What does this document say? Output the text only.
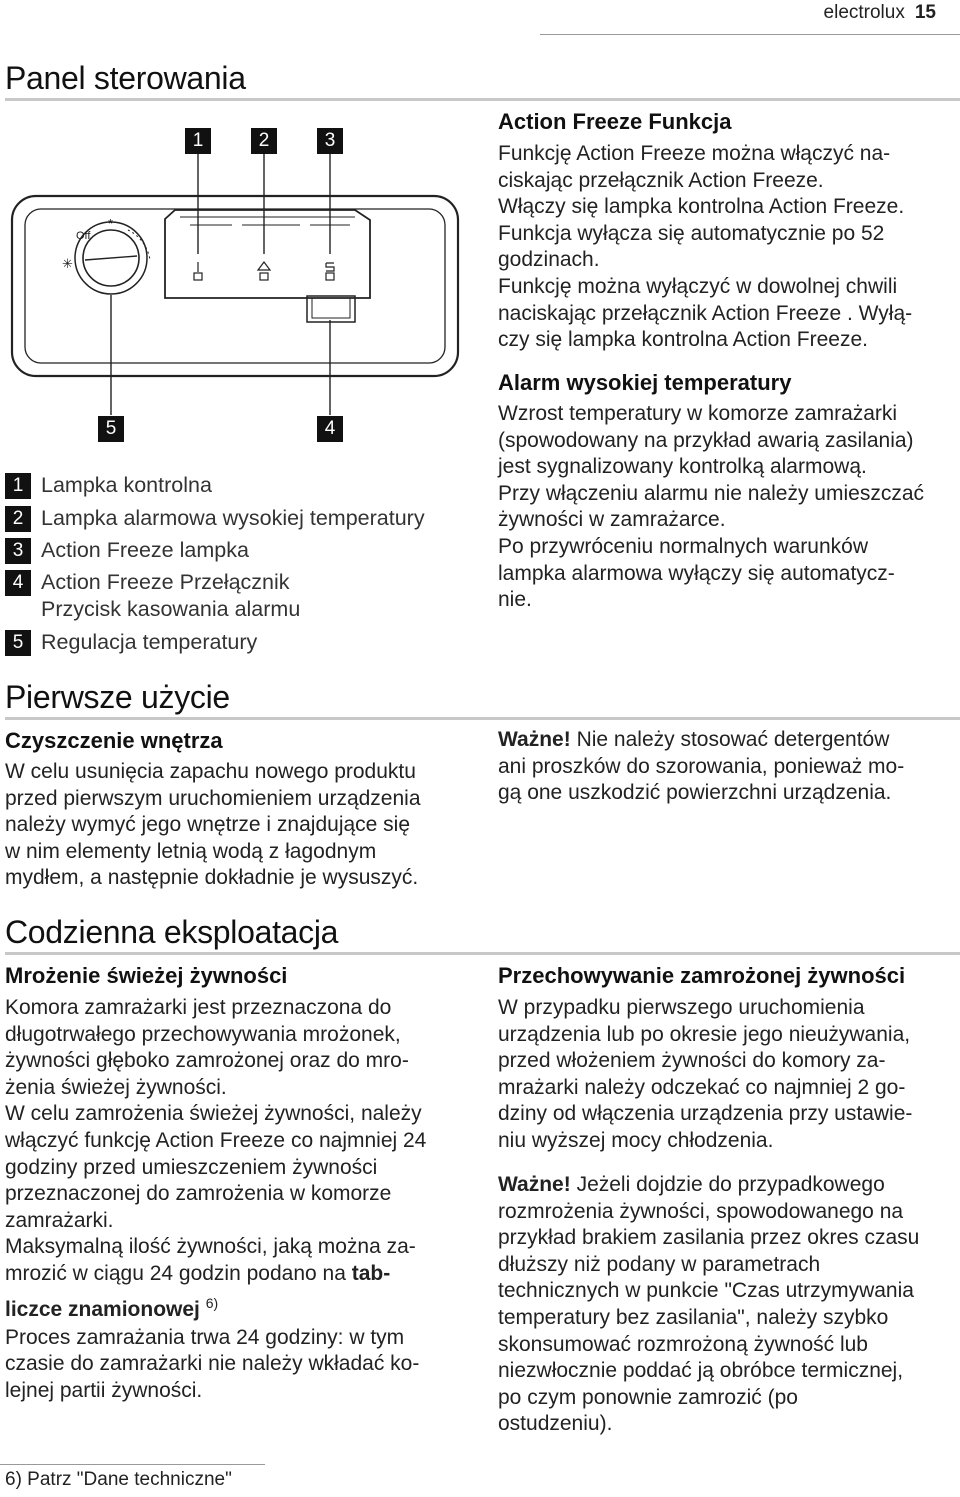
electrolux 15
Panel sterowania
Off
*
✳
1	2	3
4
5
1 Lampka kontrolna
2 Lampka alarmowa wysokiej temperatury
3 Action Freeze lampka
4 Action Freeze Przełącznik
Przycisk kasowania alarmu
5 Regulacja temperatury
Action Freeze Funkcja
Funkcję Action Freeze można włączyć na-
ciskając przełącznik Action Freeze.
Włączy się lampka kontrolna Action Freeze.
Funkcja wyłącza się automatycznie po 52
godzinach.
Funkcję można wyłączyć w dowolnej chwili
naciskając przełącznik Action Freeze . Wyłą-
czy się lampka kontrolna Action Freeze.
Alarm wysokiej temperatury
Wzrost temperatury w komorze zamrażarki
(spowodowany na przykład awarią zasilania)
jest sygnalizowany kontrolką alarmową.
Przy włączeniu alarmu nie należy umieszczać
żywności w zamrażarce.
Po przywróceniu normalnych warunków
lampka alarmowa wyłączy się automatycz-
nie.
Pierwsze użycie
Czyszczenie wnętrza
W celu usunięcia zapachu nowego produktu
przed pierwszym uruchomieniem urządzenia
należy wymyć jego wnętrze i znajdujące się
w nim elementy letnią wodą z łagodnym
mydłem, a następnie dokładnie je wysuszyć.
Ważne! Nie należy stosować detergentów
ani proszków do szorowania, ponieważ mo-
gą one uszkodzić powierzchni urządzenia.
Codzienna eksploatacja
Mrożenie świeżej żywności
Komora zamrażarki jest przeznaczona do
długotrwałego przechowywania mrożonek,
żywności głęboko zamrożonej oraz do mro-
żenia świeżej żywności.
W celu zamrożenia świeżej żywności, należy
włączyć funkcję Action Freeze co najmniej 24
godziny przed umieszczeniem żywności
przeznaczonej do zamrożenia w komorze
zamrażarki.
Maksymalną ilość żywności, jaką można za-
mrozić w ciągu 24 godzin podano na tab-
liczce znamionowej $^{6)}$
Proces zamrażania trwa 24 godziny: w tym
czasie do zamrażarki nie należy wkładać ko-
lejnej partii żywności.
Przechowywanie zamrożonej żywności
W przypadku pierwszego uruchomienia
urządzenia lub po okresie jego nieużywania,
przed włożeniem żywności do komory za-
mrażarki należy odczekać co najmniej 2 go-
dziny od włączenia urządzenia przy ustawie-
niu wyższej mocy chłodzenia.
Ważne! Jeżeli dojdzie do przypadkowego
rozmrożenia żywności, spowodowanego na
przykład brakiem zasilania przez okres czasu
dłuższy niż podany w parametrach
technicznych w punkcie "Czas utrzymywania
temperatury bez zasilania", należy szybko
skonsumować rozmrożoną żywność lub
niezwłocznie poddać ją obróbce termicznej,
po czym ponownie zamrozić (po
ostudzeniu).
6) Patrz "Dane techniczne"
